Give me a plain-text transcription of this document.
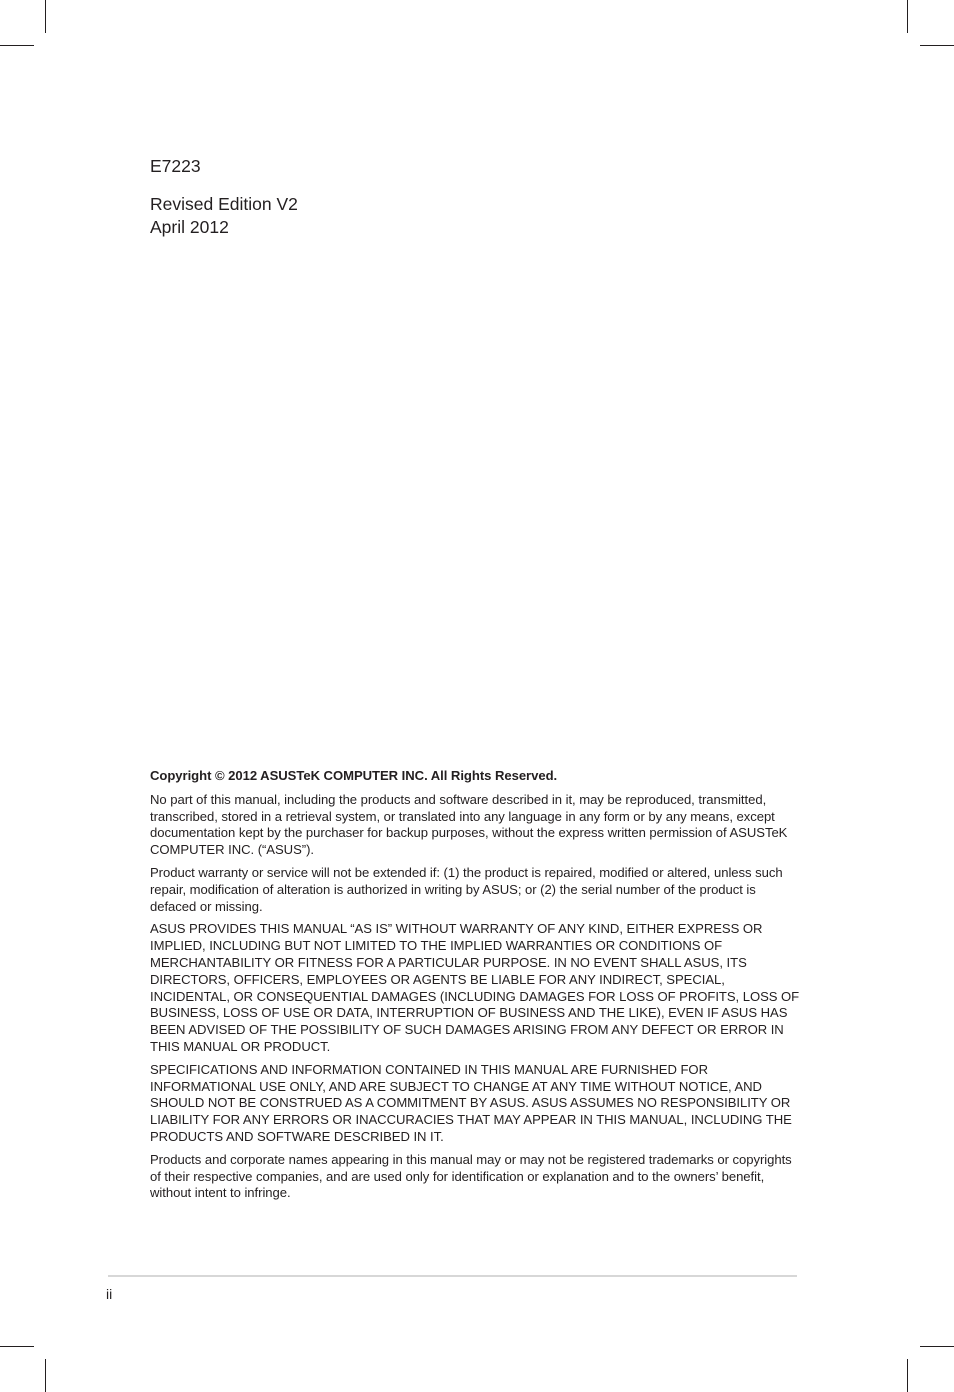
E7223
Revised Edition V2
April 2012

Copyright © 2012 ASUSTeK COMPUTER INC. All Rights Reserved.

No part of this manual, including the products and software described in it, may be reproduced, transmitted, transcribed, stored in a retrieval system, or translated into any language in any form or by any means, except documentation kept by the purchaser for backup purposes, without the express written permission of ASUSTeK COMPUTER INC. (“ASUS”).

Product warranty or service will not be extended if: (1) the product is repaired, modified or altered, unless such repair, modification of alteration is authorized in writing by ASUS; or (2) the serial number of the product is defaced or missing.

ASUS PROVIDES THIS MANUAL “AS IS” WITHOUT WARRANTY OF ANY KIND, EITHER EXPRESS OR IMPLIED, INCLUDING BUT NOT LIMITED TO THE IMPLIED WARRANTIES OR CONDITIONS OF MERCHANTABILITY OR FITNESS FOR A PARTICULAR PURPOSE. IN NO EVENT SHALL ASUS, ITS DIRECTORS, OFFICERS, EMPLOYEES OR AGENTS BE LIABLE FOR ANY INDIRECT, SPECIAL, INCIDENTAL, OR CONSEQUENTIAL DAMAGES (INCLUDING DAMAGES FOR LOSS OF PROFITS, LOSS OF BUSINESS, LOSS OF USE OR DATA, INTERRUPTION OF BUSINESS AND THE LIKE), EVEN IF ASUS HAS BEEN ADVISED OF THE POSSIBILITY OF SUCH DAMAGES ARISING FROM ANY DEFECT OR ERROR IN THIS MANUAL OR PRODUCT.

SPECIFICATIONS AND INFORMATION CONTAINED IN THIS MANUAL ARE FURNISHED FOR INFORMATIONAL USE ONLY, AND ARE SUBJECT TO CHANGE AT ANY TIME WITHOUT NOTICE, AND SHOULD NOT BE CONSTRUED AS A COMMITMENT BY ASUS. ASUS ASSUMES NO RESPONSIBILITY OR LIABILITY FOR ANY ERRORS OR INACCURACIES THAT MAY APPEAR IN THIS MANUAL, INCLUDING THE PRODUCTS AND SOFTWARE DESCRIBED IN IT.

Products and corporate names appearing in this manual may or may not be registered trademarks or copyrights of their respective companies, and are used only for identification or explanation and to the owners’ benefit, without intent to infringe.

ii
